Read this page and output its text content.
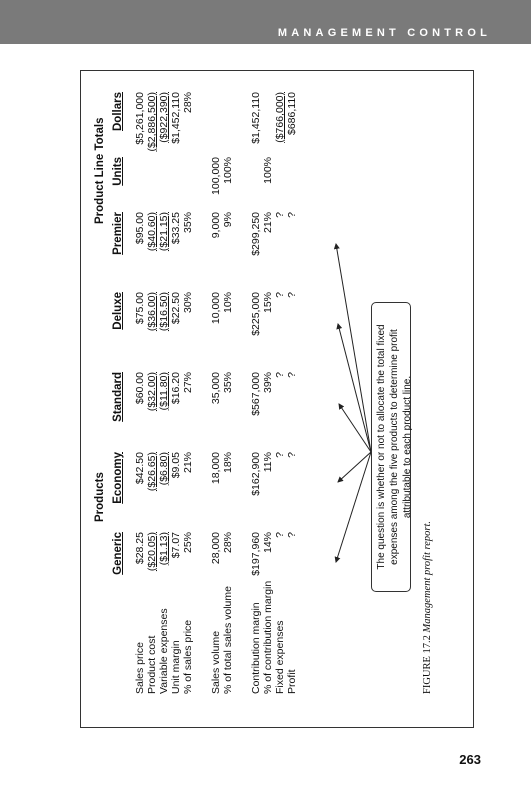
MANAGEMENT CONTROL
Products
Product Line Totals
Generic
Economy
Standard
Deluxe
Premier
Units
Dollars
Sales price
$28.25
$42.50
$60.00
$75.00
$95.00
$5,261,000
Product cost
($20.05)
($26.65)
($32.00)
($36.00)
($40.60)
($2,886,500)
Variable expenses
($1.13)
($6.80)
($11.80)
($16.50)
($21.15)
($922,390)
Unit margin
$7.07
$9.05
$16.20
$22.50
$33.25
$1,452,110
% of sales price
25%
21%
27%
30%
35%
28%
Sales volume
28,000
18,000
35,000
10,000
9,000
100,000
% of total sales volume
28%
18%
35%
10%
9%
100%
Contribution margin
$197,960
$162,900
$567,000
$225,000
$299,250
$1,452,110
% of contribution margin
14%
11%
39%
15%
21%
100%
Fixed expenses
?
?
?
?
?
($766,000)
Profit
?
?
?
?
?
$686,110
The question is whether or not to allocate the total fixed expenses among the five products to determine profit attributable to each product line.
FIGURE 17.2 Management profit report.
263
